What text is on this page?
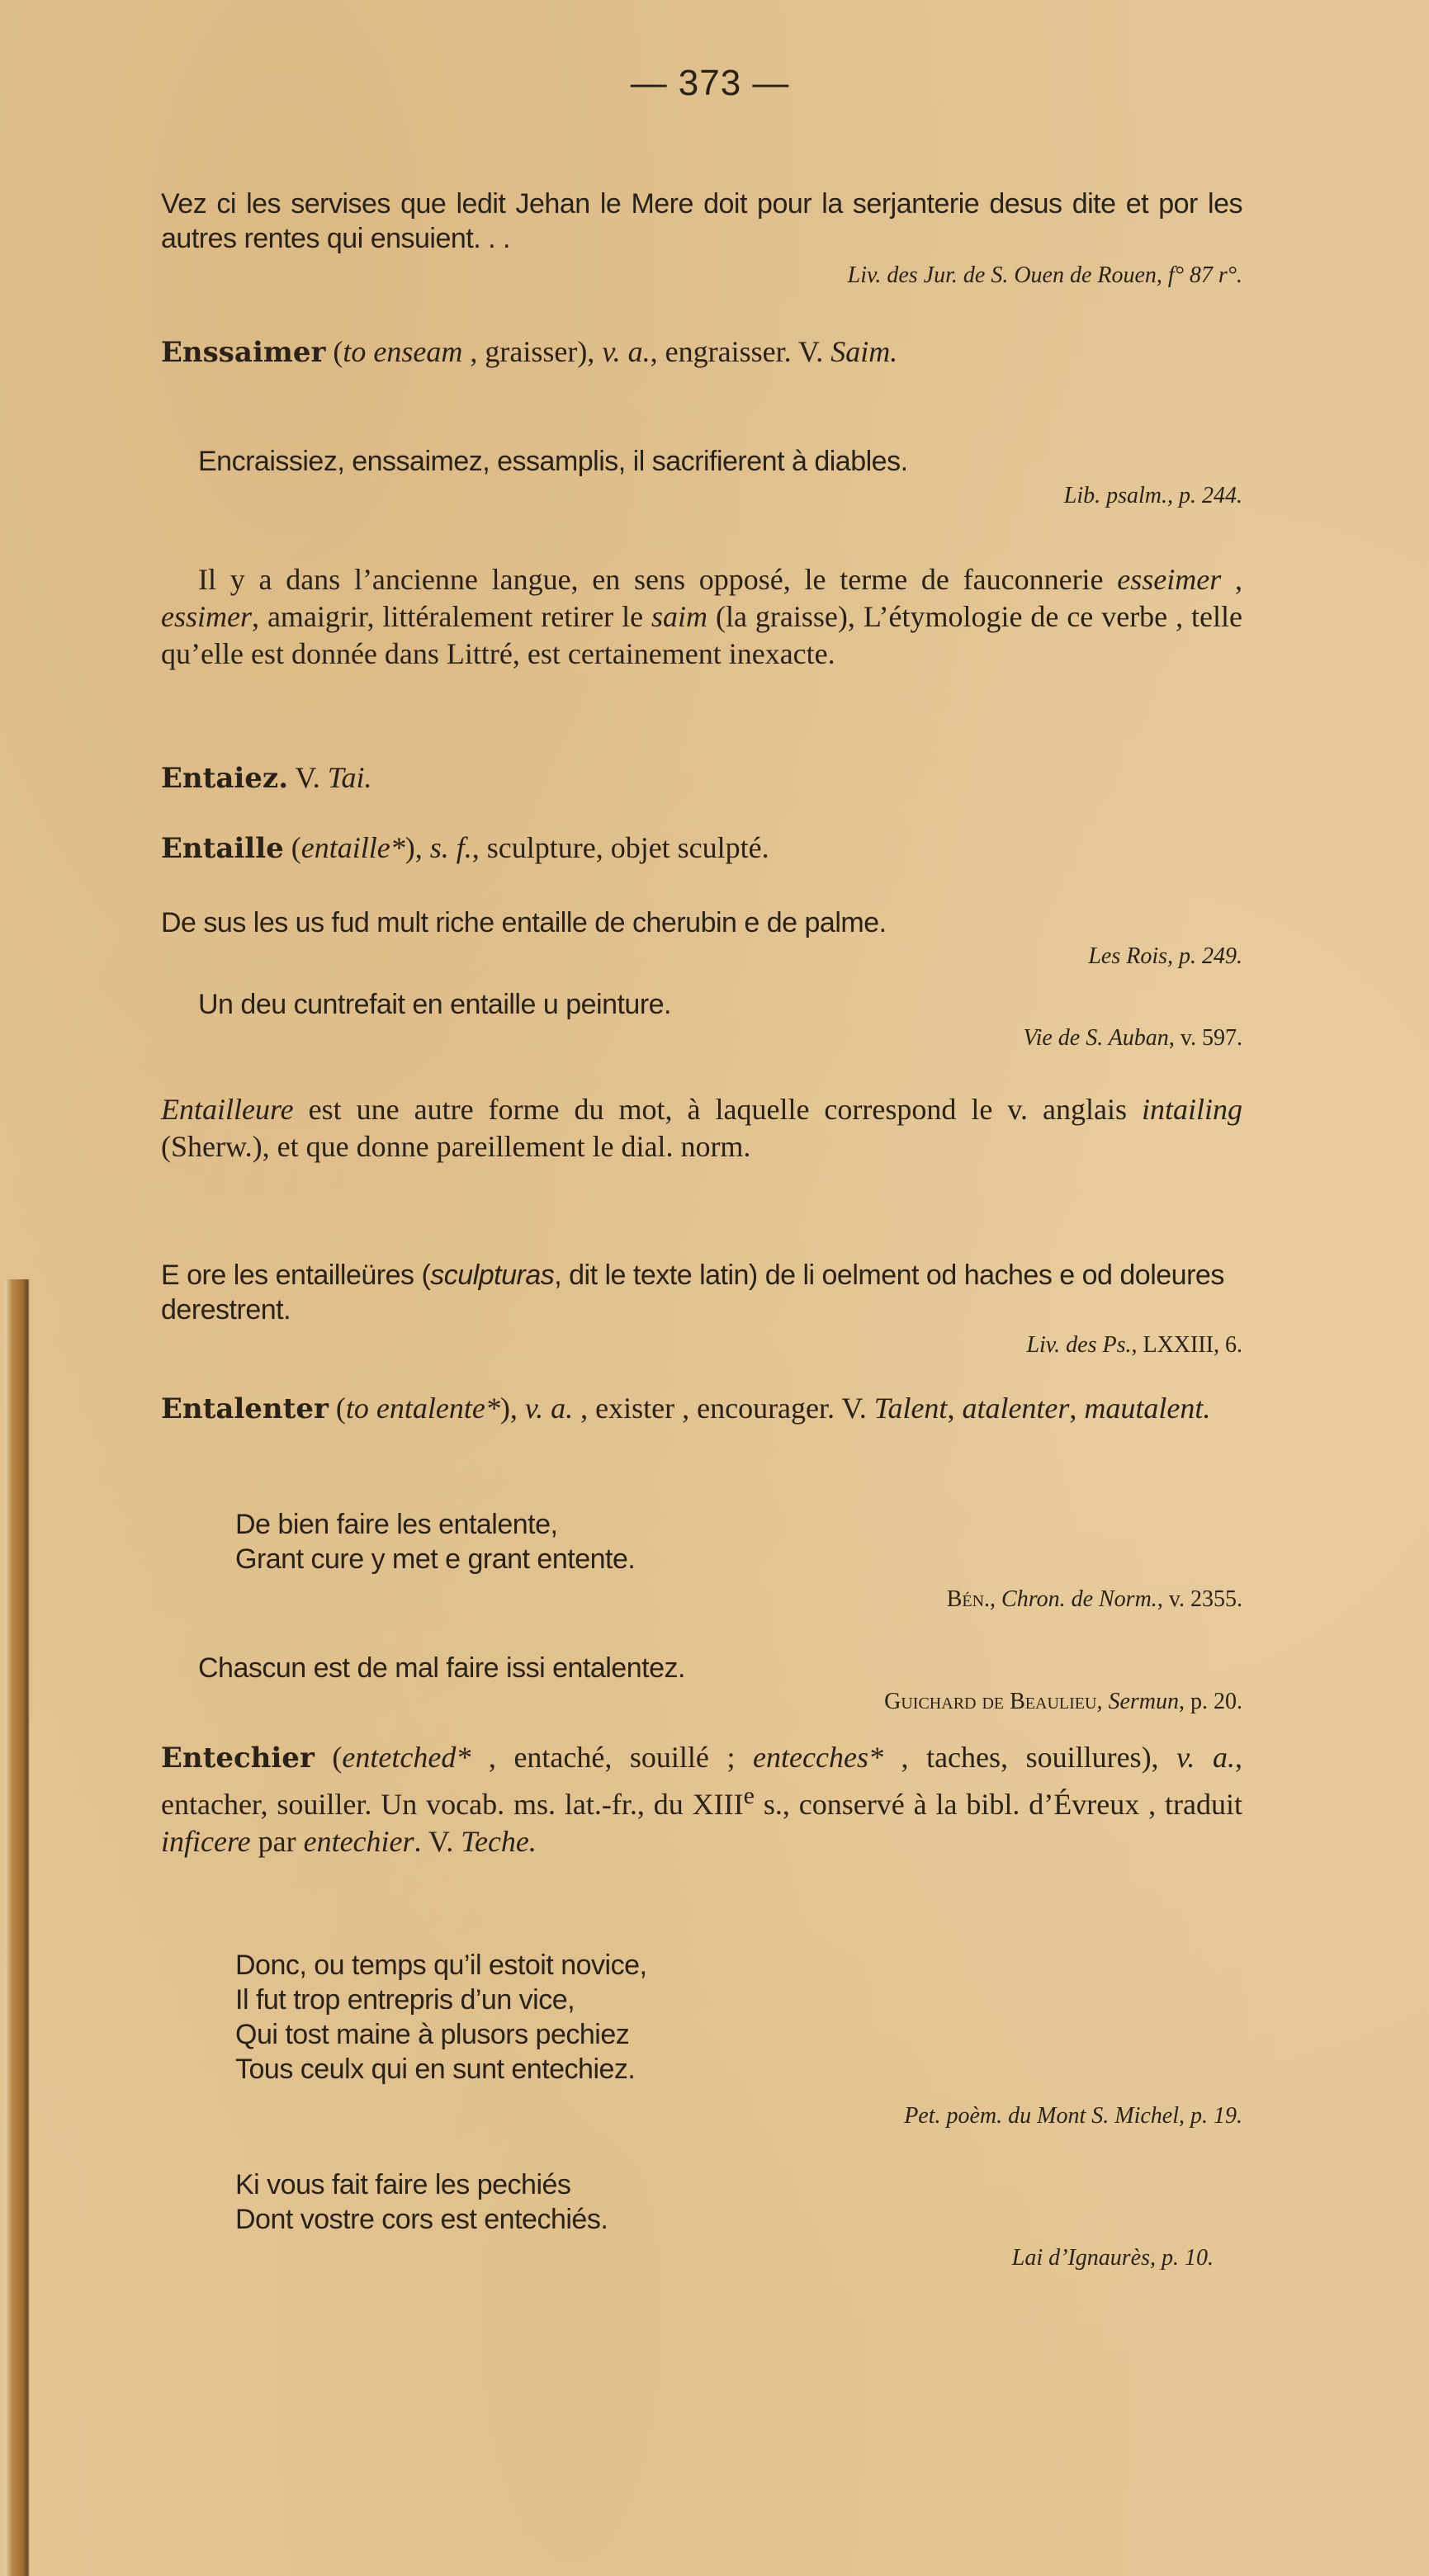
— 373 —
Vez ci les servises que ledit Jehan le Mere doit pour la serjanterie desus dite et por les autres rentes qui ensuient. . .
Liv. des Jur. de S. Ouen de Rouen, f° 87 r°.
Enssaimer (to enseam , graisser), v. a., engraisser. V. Saim.
Encraissiez, enssaimez, essamplis, il sacrifierent à diables.
Lib. psalm., p. 244.
Il y a dans l’ancienne langue, en sens opposé, le terme de fauconnerie esseimer , essimer, amaigrir, littéralement retirer le saim (la graisse), L’étymologie de ce verbe , telle qu’elle est donnée dans Littré, est certainement inexacte.
Entaiez. V. Tai.
Entaille (entaille*), s. f., sculpture, objet sculpté.
De sus les us fud mult riche entaille de cherubin e de palme.
Les Rois, p. 249.
Un deu cuntrefait en entaille u peinture.
Vie de S. Auban, v. 597.
Entailleure est une autre forme du mot, à laquelle correspond le v. anglais intailing (Sherw.), et que donne pareillement le dial. norm.
E ore les entailleüres (sculpturas, dit le texte latin) de li oelment od haches e od doleures derestrent.
Liv. des Ps., LXXIII, 6.
Entalenter (to entalente*), v. a. , exister , encourager. V. Talent, atalenter, mautalent.
De bien faire les entalente,
Grant cure y met e grant entente.
Bén., Chron. de Norm., v. 2355.
Chascun est de mal faire issi entalentez.
Guichard de Beaulieu, Sermun, p. 20.
Entechier (entetched* , entaché, souillé ; entecches* , taches, souillures), v. a., entacher, souiller. Un vocab. ms. lat.-fr., du XIIIe s., conservé à la bibl. d’Évreux , traduit inficere par entechier. V. Teche.
Donc, ou temps qu’il estoit novice,
Il fut trop entrepris d’un vice,
Qui tost maine à plusors pechiez
Tous ceulx qui en sunt entechiez.
Pet. poèm. du Mont S. Michel, p. 19.
Ki vous fait faire les pechiés
Dont vostre cors est entechiés.
Lai d’Ignaurès, p. 10.
